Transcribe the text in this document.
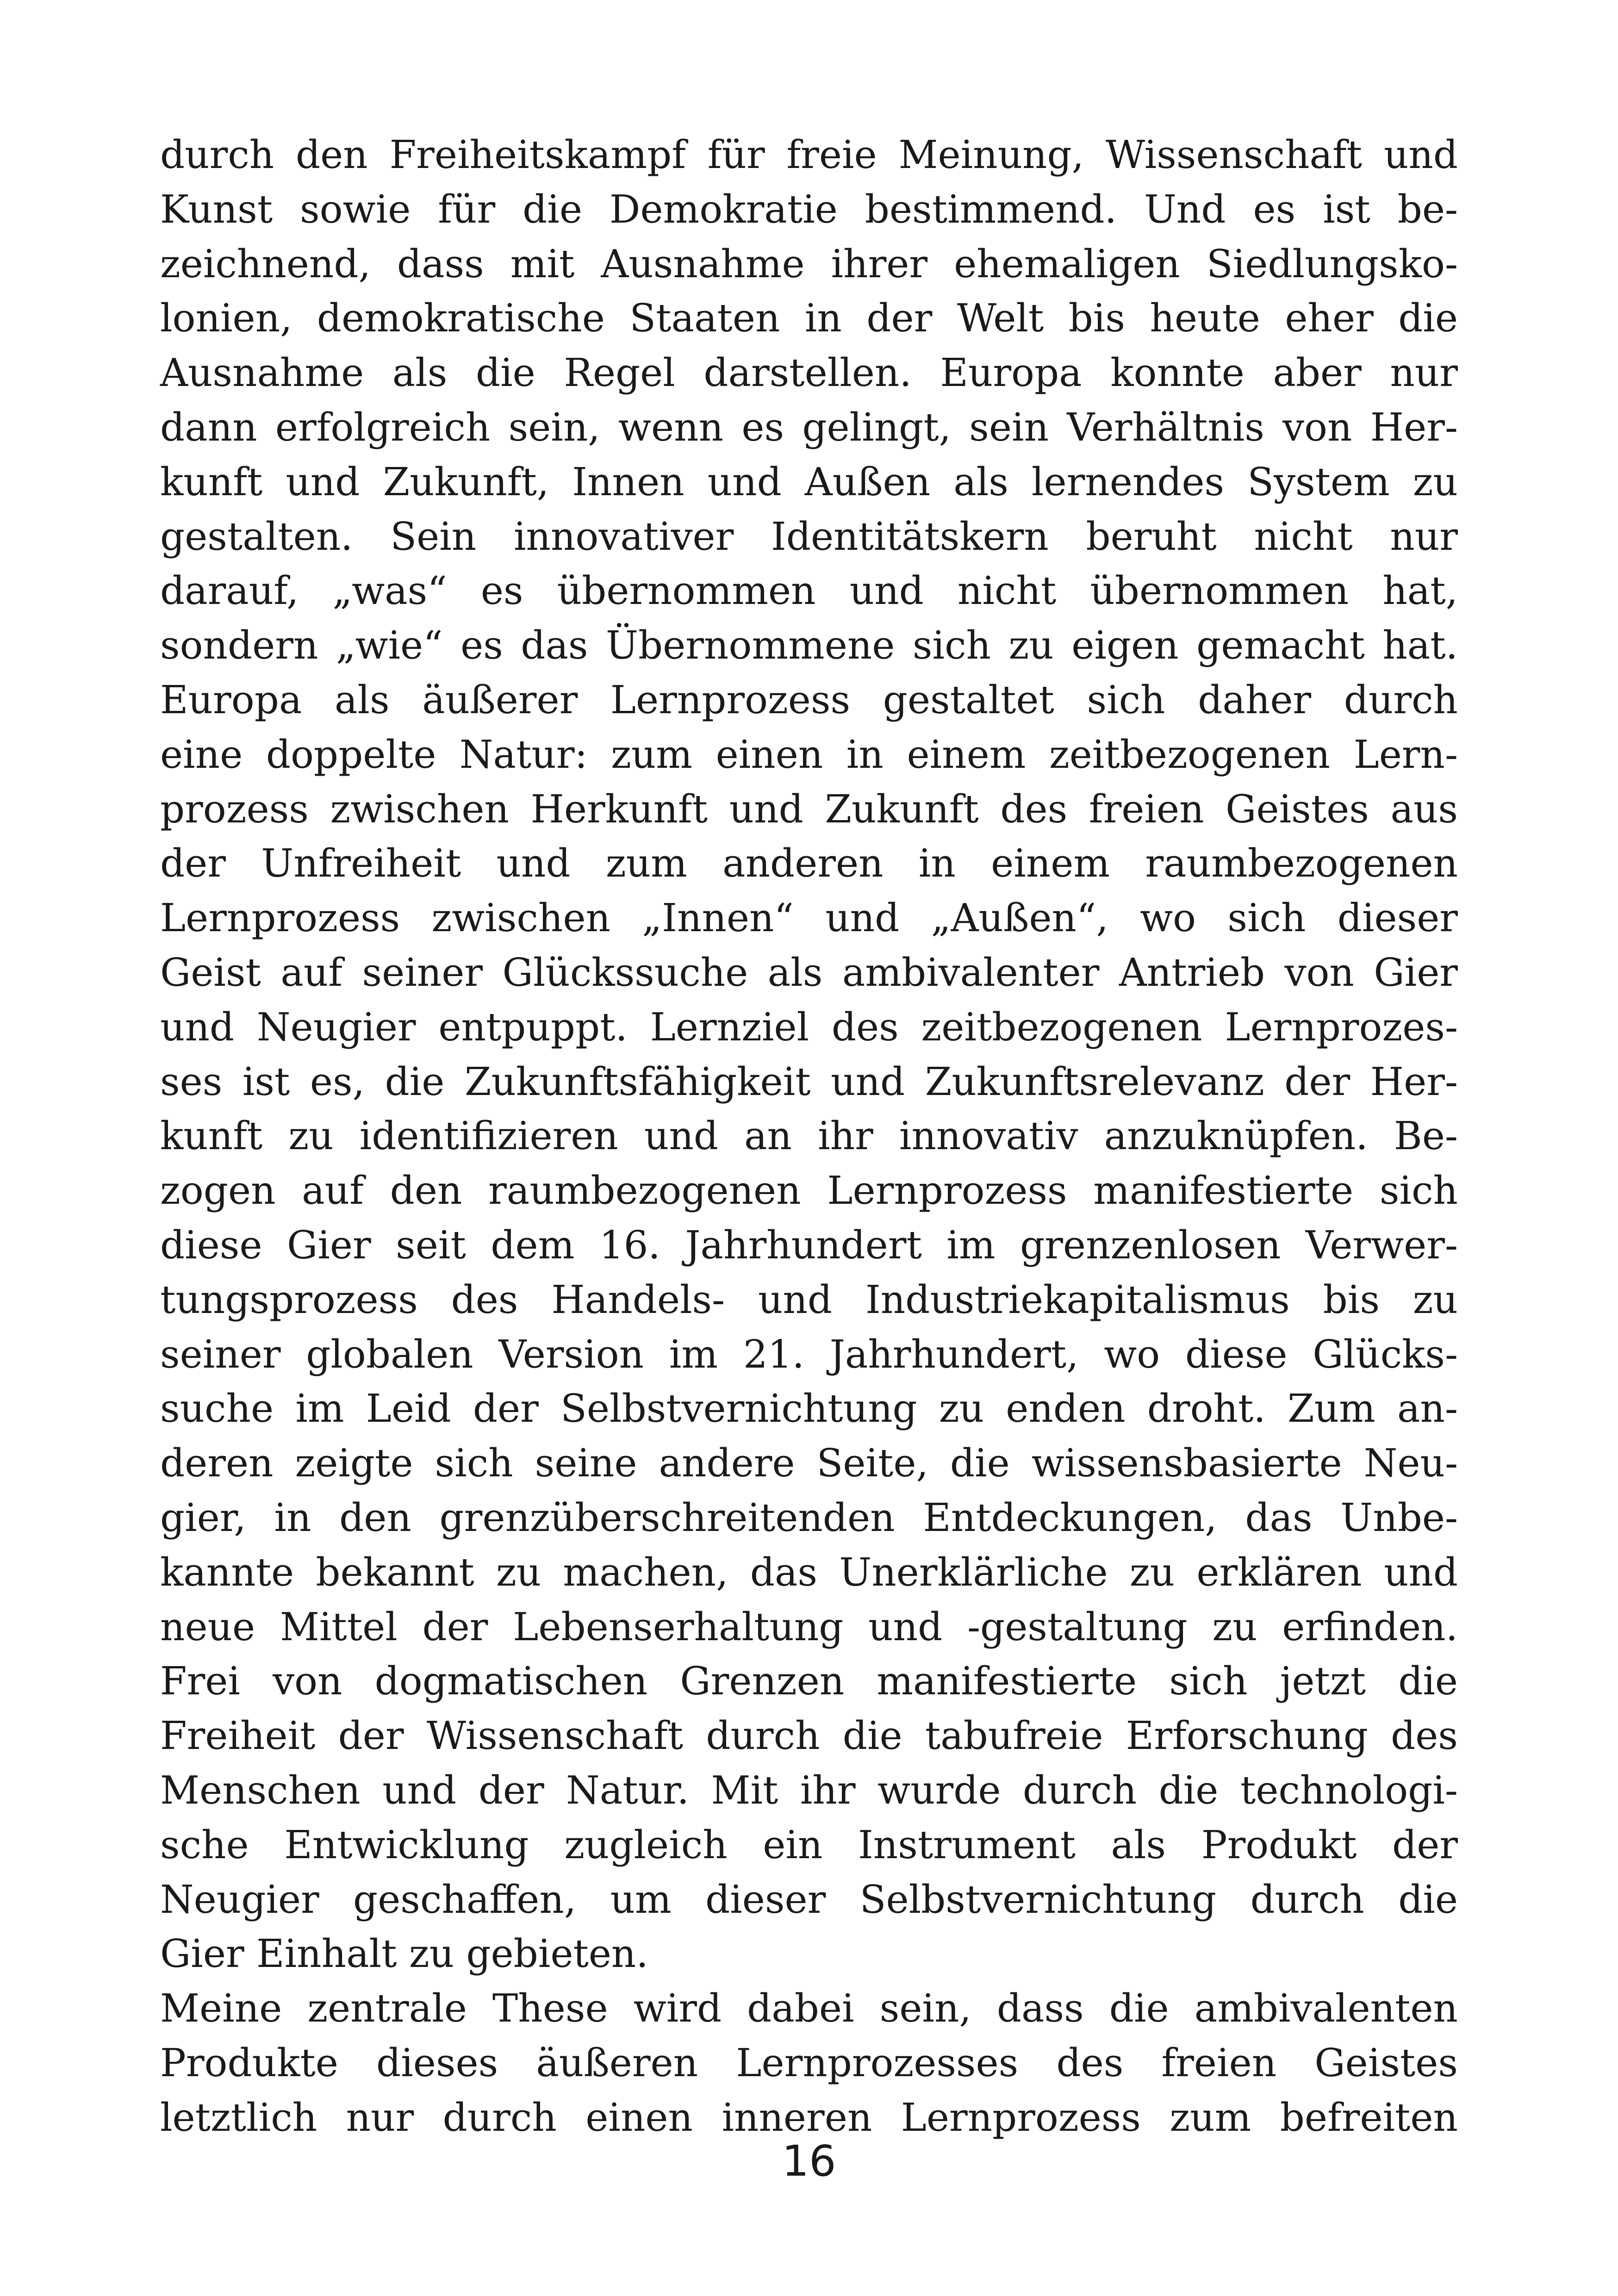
durch den Freiheitskampf für freie Meinung, Wissenschaft und
Kunst sowie für die Demokratie bestimmend. Und es ist be-
zeichnend, dass mit Ausnahme ihrer ehemaligen Siedlungsko-
lonien, demokratische Staaten in der Welt bis heute eher die
Ausnahme als die Regel darstellen. Europa konnte aber nur
dann erfolgreich sein, wenn es gelingt, sein Verhältnis von Her-
kunft und Zukunft, Innen und Außen als lernendes System zu
gestalten. Sein innovativer Identitätskern beruht nicht nur
darauf, „was“ es übernommen und nicht übernommen hat,
sondern „wie“ es das Übernommene sich zu eigen gemacht hat.
Europa als äußerer Lernprozess gestaltet sich daher durch
eine doppelte Natur: zum einen in einem zeitbezogenen Lern-
prozess zwischen Herkunft und Zukunft des freien Geistes aus
der Unfreiheit und zum anderen in einem raumbezogenen
Lernprozess zwischen „Innen“ und „Außen“, wo sich dieser
Geist auf seiner Glückssuche als ambivalenter Antrieb von Gier
und Neugier entpuppt. Lernziel des zeitbezogenen Lernprozes-
ses ist es, die Zukunftsfähigkeit und Zukunftsrelevanz der Her-
kunft zu identifizieren und an ihr innovativ anzuknüpfen. Be-
zogen auf den raumbezogenen Lernprozess manifestierte sich
diese Gier seit dem 16. Jahrhundert im grenzenlosen Verwer-
tungsprozess des Handels- und Industriekapitalismus bis zu
seiner globalen Version im 21. Jahrhundert, wo diese Glücks-
suche im Leid der Selbstvernichtung zu enden droht. Zum an-
deren zeigte sich seine andere Seite, die wissensbasierte Neu-
gier, in den grenzüberschreitenden Entdeckungen, das Unbe-
kannte bekannt zu machen, das Unerklärliche zu erklären und
neue Mittel der Lebenserhaltung und -gestaltung zu erfinden.
Frei von dogmatischen Grenzen manifestierte sich jetzt die
Freiheit der Wissenschaft durch die tabufreie Erforschung des
Menschen und der Natur. Mit ihr wurde durch die technologi-
sche Entwicklung zugleich ein Instrument als Produkt der
Neugier geschaffen, um dieser Selbstvernichtung durch die
Gier Einhalt zu gebieten.
Meine zentrale These wird dabei sein, dass die ambivalenten
Produkte dieses äußeren Lernprozesses des freien Geistes
letztlich nur durch einen inneren Lernprozess zum befreiten
16
